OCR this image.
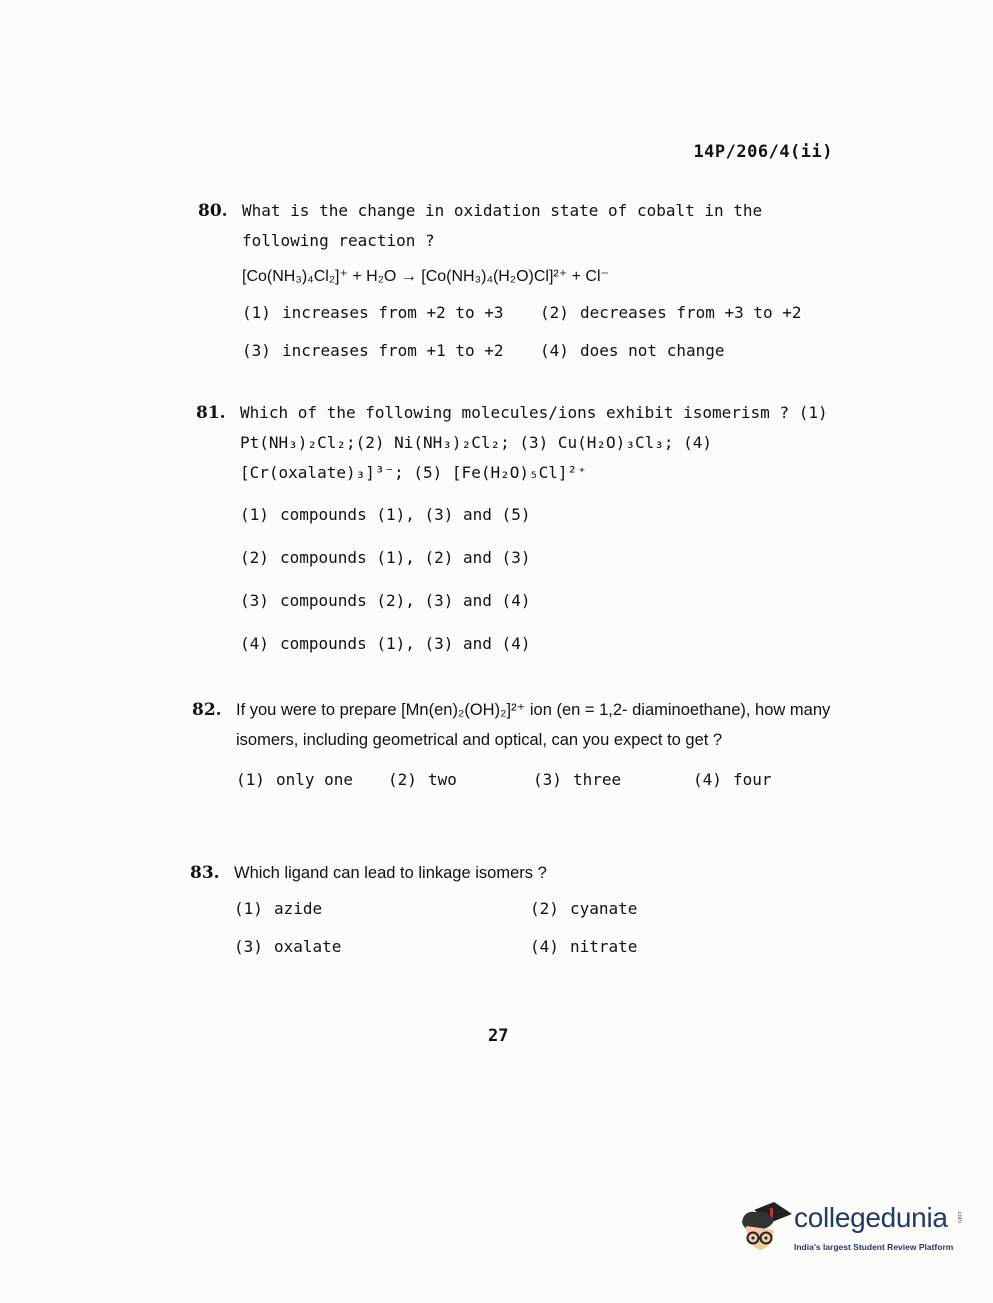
14P/206/4(ii)
80. What is the change in oxidation state of cobalt in the following reaction ?
[Co(NH₃)₄Cl₂]⁺ + H₂O → [Co(NH₃)₄(H₂O)Cl]²⁺ + Cl⁻
(1) increases from +2 to +3	(2) decreases from +3 to +2
(3) increases from +1 to +2	(4) does not change
81. Which of the following molecules/ions exhibit isomerism ? (1) Pt(NH₃)₂Cl₂;(2) Ni(NH₃)₂Cl₂; (3) Cu(H₂O)₃Cl₃; (4) [Cr(oxalate)₃]³⁻; (5) [Fe(H₂O)₅Cl]²⁺
(1) compounds (1), (3) and (5)
(2) compounds (1), (2) and (3)
(3) compounds (2), (3) and (4)
(4) compounds (1), (3) and (4)
82. If you were to prepare [Mn(en)₂(OH)₂]²⁺ ion (en = 1,2- diaminoethane), how many isomers, including geometrical and optical, can you expect to get ?
(1) only one	(2) two	(3) three	(4) four
83. Which ligand can lead to linkage isomers ?
(1) azide	(2) cyanate
(3) oxalate	(4) nitrate
27
collegedunia .com
India's largest Student Review Platform
